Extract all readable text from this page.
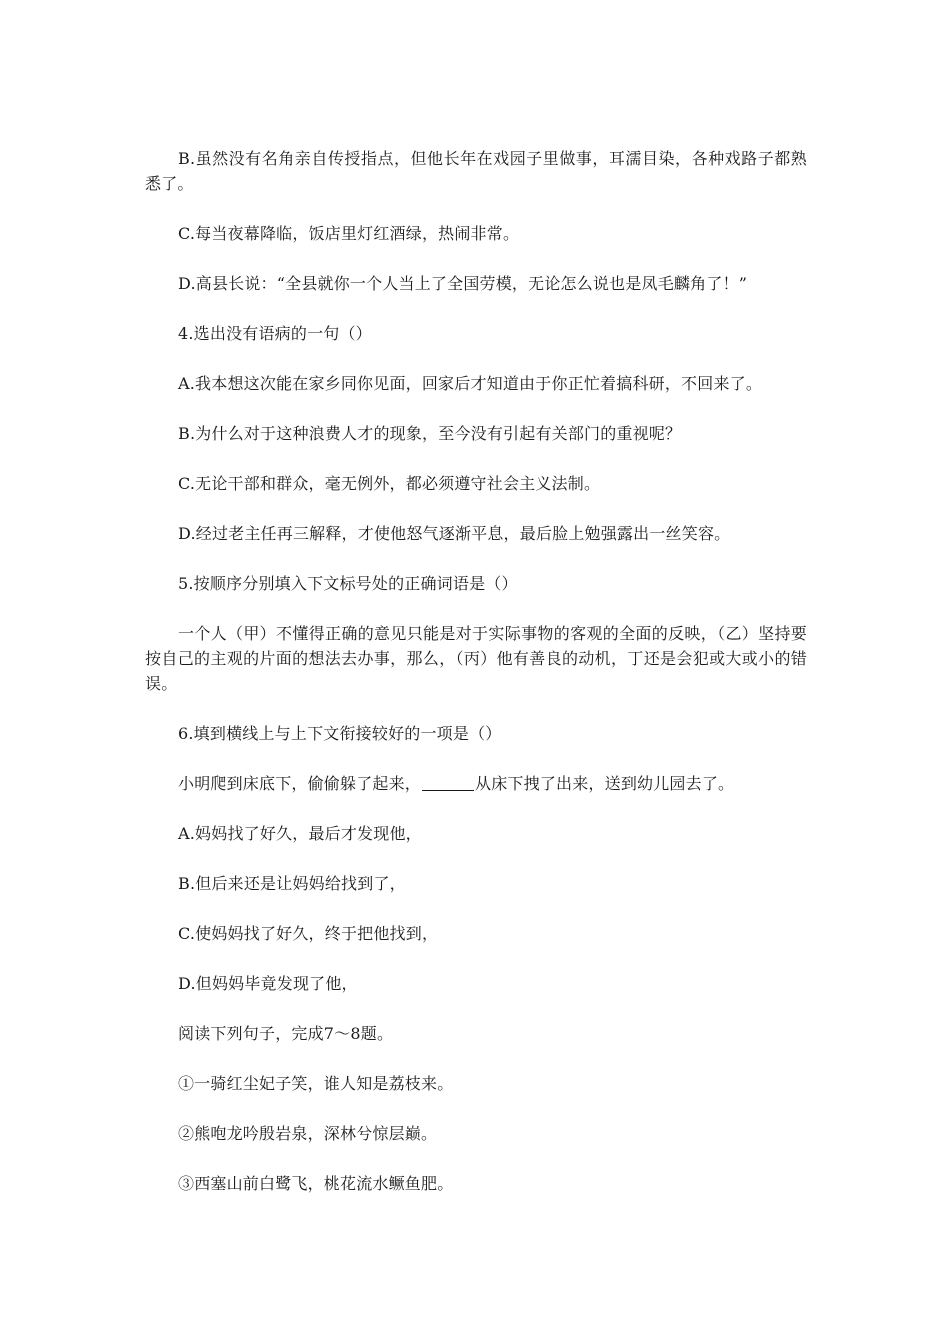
B.虽然没有名角亲自传授指点，但他长年在戏园子里做事，耳濡目染，各种戏路子都熟悉了。

C.每当夜幕降临，饭店里灯红酒绿，热闹非常。

D.高县长说：“全县就你一个人当上了全国劳模，无论怎么说也是凤毛麟角了！”

4.选出没有语病的一句（）

A.我本想这次能在家乡同你见面，回家后才知道由于你正忙着搞科研，不回来了。

B.为什么对于这种浪费人才的现象，至今没有引起有关部门的重视呢？

C.无论干部和群众，毫无例外，都必须遵守社会主义法制。

D.经过老主任再三解释，才使他怒气逐渐平息，最后脸上勉强露出一丝笑容。

5.按顺序分别填入下文标号处的正确词语是（）

一个人（甲）不懂得正确的意见只能是对于实际事物的客观的全面的反映，（乙）坚持要按自己的主观的片面的想法去办事，那么，（丙）他有善良的动机，丁还是会犯或大或小的错误。

6.填到横线上与上下文衔接较好的一项是（）

小明爬到床底下，偷偷躲了起来，	从床下拽了出来，送到幼儿园去了。

A.妈妈找了好久，最后才发现他，

B.但后来还是让妈妈给找到了，

C.使妈妈找了好久，终于把他找到，

D.但妈妈毕竟发现了他，

阅读下列句子，完成7～8题。

①一骑红尘妃子笑，谁人知是荔枝来。

②熊咆龙吟殷岩泉，深林兮惊层巅。

③西塞山前白鹭飞，桃花流水鳜鱼肥。
